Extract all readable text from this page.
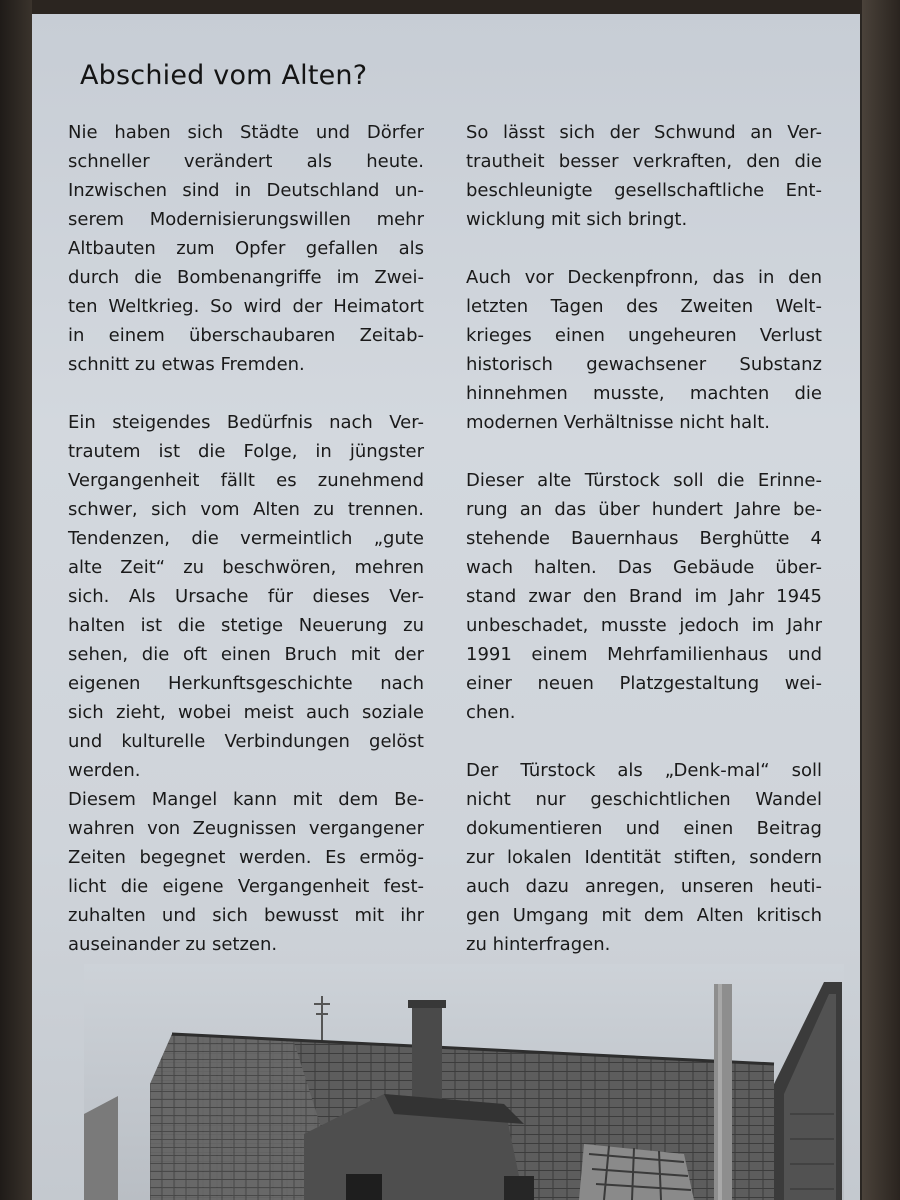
Abschied vom Alten?

Nie haben sich Städte und Dörfer
schneller verändert als heute.
Inzwischen sind in Deutschland un-
serem Modernisierungswillen mehr
Altbauten zum Opfer gefallen als
durch die Bombenangriffe im Zwei-
ten Weltkrieg. So wird der Heimatort
in einem überschaubaren Zeitab-
schnitt zu etwas Fremden.

Ein steigendes Bedürfnis nach Ver-
trautem ist die Folge, in jüngster
Vergangenheit fällt es zunehmend
schwer, sich vom Alten zu trennen.
Tendenzen, die vermeintlich „gute
alte Zeit“ zu beschwören, mehren
sich. Als Ursache für dieses Ver-
halten ist die stetige Neuerung zu
sehen, die oft einen Bruch mit der
eigenen Herkunftsgeschichte nach
sich zieht, wobei meist auch soziale
und kulturelle Verbindungen gelöst
werden.

Diesem Mangel kann mit dem Be-
wahren von Zeugnissen vergangener
Zeiten begegnet werden. Es ermög-
licht die eigene Vergangenheit fest-
zuhalten und sich bewusst mit ihr
auseinander zu setzen.

So lässt sich der Schwund an Ver-
trautheit besser verkraften, den die
beschleunigte gesellschaftliche Ent-
wicklung mit sich bringt.

Auch vor Deckenpfronn, das in den
letzten Tagen des Zweiten Welt-
krieges einen ungeheuren Verlust
historisch gewachsener Substanz
hinnehmen musste, machten die
modernen Verhältnisse nicht halt.

Dieser alte Türstock soll die Erinne-
rung an das über hundert Jahre be-
stehende Bauernhaus Berghütte 4
wach halten. Das Gebäude über-
stand zwar den Brand im Jahr 1945
unbeschadet, musste jedoch im Jahr
1991 einem Mehrfamilienhaus und
einer neuen Platzgestaltung wei-
chen.

Der Türstock als „Denk-mal“ soll
nicht nur geschichtlichen Wandel
dokumentieren und einen Beitrag
zur lokalen Identität stiften, sondern
auch dazu anregen, unseren heuti-
gen Umgang mit dem Alten kritisch
zu hinterfragen.
